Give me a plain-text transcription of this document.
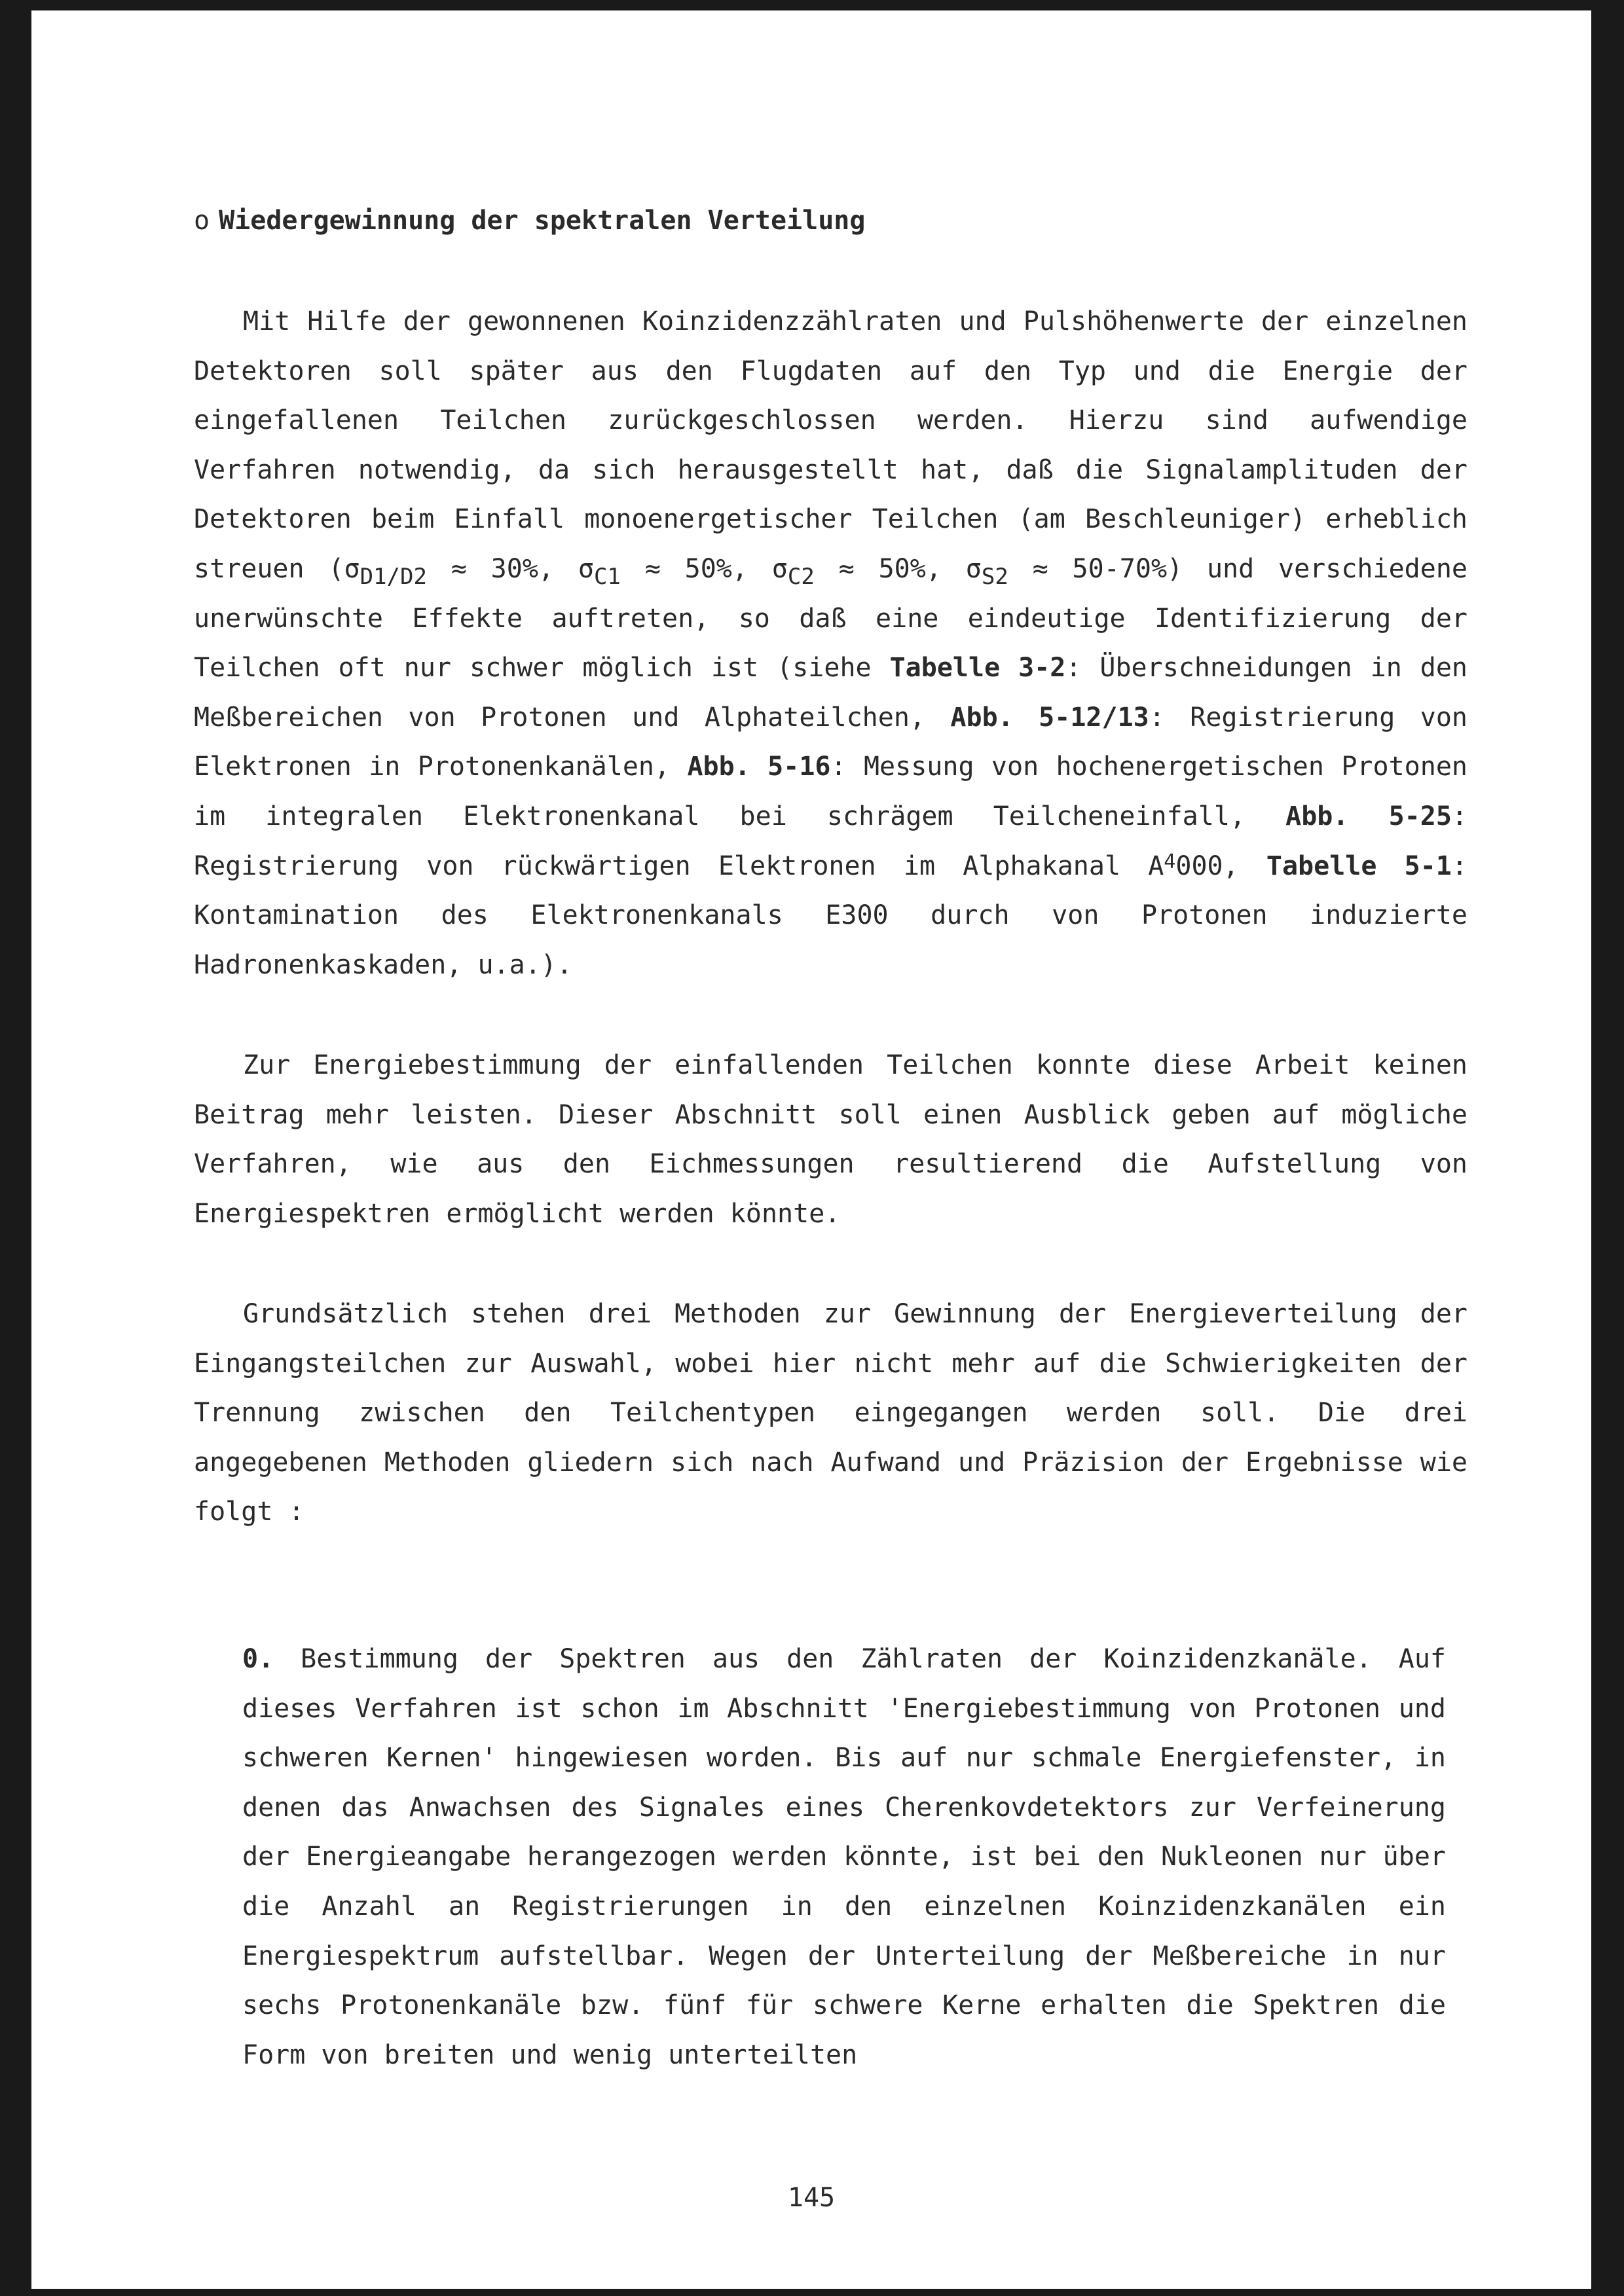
o Wiedergewinnung der spektralen Verteilung

Mit Hilfe der gewonnenen Koinzidenzzählraten und Pulshöhenwerte der einzelnen Detektoren soll später aus den Flugdaten auf den Typ und die Energie der eingefallenen Teilchen zurückgeschlossen werden. Hierzu sind aufwendige Verfahren notwendig, da sich herausgestellt hat, daß die Signalamplituden der Detektoren beim Einfall monoenergetischer Teilchen (am Beschleuniger) erheblich streuen ($\sigma_{D1/D2} \approx 30\%$, $\sigma_{C1} \approx 50\%$, $\sigma_{C2} \approx 50\%$, $\sigma_{S2} \approx 50-70\%$) und verschiedene unerwünschte Effekte auftreten, so daß eine eindeutige Identifizierung der Teilchen oft nur schwer möglich ist (siehe Tabelle 3-2: Überschneidungen in den Meßbereichen von Protonen und Alphateilchen, Abb. 5-12/13: Registrierung von Elektronen in Protonenkanälen, Abb. 5-16: Messung von hochenergetischen Protonen im integralen Elektronenkanal bei schrägem Teilcheneinfall, Abb. 5-25: Registrierung von rückwärtigen Elektronen im Alphakanal $A^4000$, Tabelle 5-1: Kontamination des Elektronenkanals E300 durch von Protonen induzierte Hadronenkaskaden, u.a.).

Zur Energiebestimmung der einfallenden Teilchen konnte diese Arbeit keinen Beitrag mehr leisten. Dieser Abschnitt soll einen Ausblick geben auf mögliche Verfahren, wie aus den Eichmessungen resultierend die Aufstellung von Energiespektren ermöglicht werden könnte.

Grundsätzlich stehen drei Methoden zur Gewinnung der Energieverteilung der Eingangsteilchen zur Auswahl, wobei hier nicht mehr auf die Schwierigkeiten der Trennung zwischen den Teilchentypen eingegangen werden soll. Die drei angegebenen Methoden gliedern sich nach Aufwand und Präzision der Ergebnisse wie folgt :

0. Bestimmung der Spektren aus den Zählraten der Koinzidenzkanäle. Auf dieses Verfahren ist schon im Abschnitt 'Energiebestimmung von Protonen und schweren Kernen' hingewiesen worden. Bis auf nur schmale Energiefenster, in denen das Anwachsen des Signales eines Cherenkovdetektors zur Verfeinerung der Energieangabe herangezogen werden könnte, ist bei den Nukleonen nur über die Anzahl an Registrierungen in den einzelnen Koinzidenzkanälen ein Energiespektrum aufstellbar. Wegen der Unterteilung der Meßbereiche in nur sechs Protonenkanäle bzw. fünf für schwere Kerne erhalten die Spektren die Form von breiten und wenig unterteilten

145
